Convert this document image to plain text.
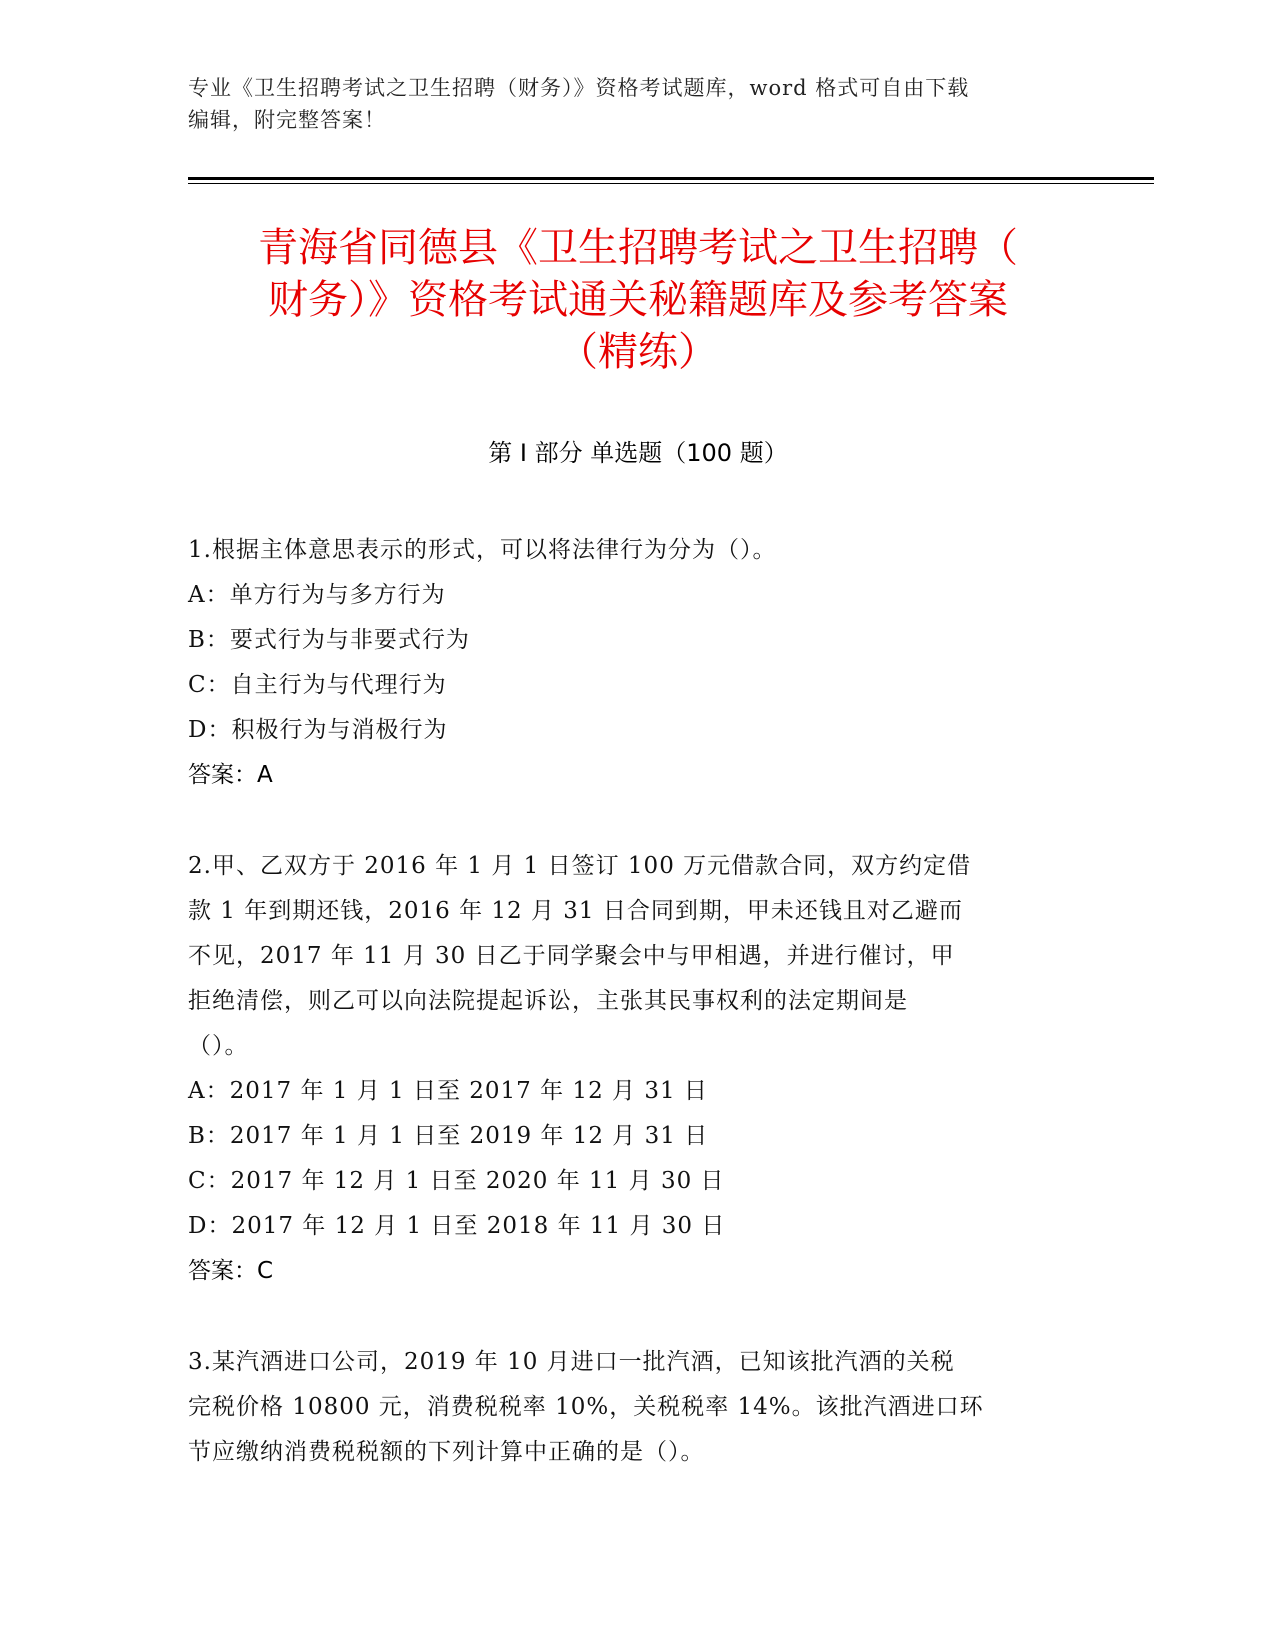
专业《卫生招聘考试之卫生招聘（财务）》资格考试题库，word 格式可自由下载
编辑，附完整答案！
青海省同德县《卫生招聘考试之卫生招聘（
财务）》资格考试通关秘籍题库及参考答案
（精练）
第 I 部分 单选题（100 题）

1.根据主体意思表示的形式，可以将法律行为分为（）。

A：单方行为与多方行为
B：要式行为与非要式行为
C：自主行为与代理行为
D：积极行为与消极行为
答案：A

2.甲、乙双方于 2016 年 1 月 1 日签订 100 万元借款合同，双方约定借
款 1 年到期还钱，2016 年 12 月 31 日合同到期，甲未还钱且对乙避而
不见，2017 年 11 月 30 日乙于同学聚会中与甲相遇，并进行催讨，甲
拒绝清偿，则乙可以向法院提起诉讼，主张其民事权利的法定期间是
（）。

A：2017 年 1 月 1 日至 2017 年 12 月 31 日
B：2017 年 1 月 1 日至 2019 年 12 月 31 日
C：2017 年 12 月 1 日至 2020 年 11 月 30 日
D：2017 年 12 月 1 日至 2018 年 11 月 30 日
答案：C

3.某汽酒进口公司，2019 年 10 月进口一批汽酒，已知该批汽酒的关税
完税价格 10800 元，消费税税率 10%，关税税率 14%。该批汽酒进口环
节应缴纳消费税税额的下列计算中正确的是（）。
